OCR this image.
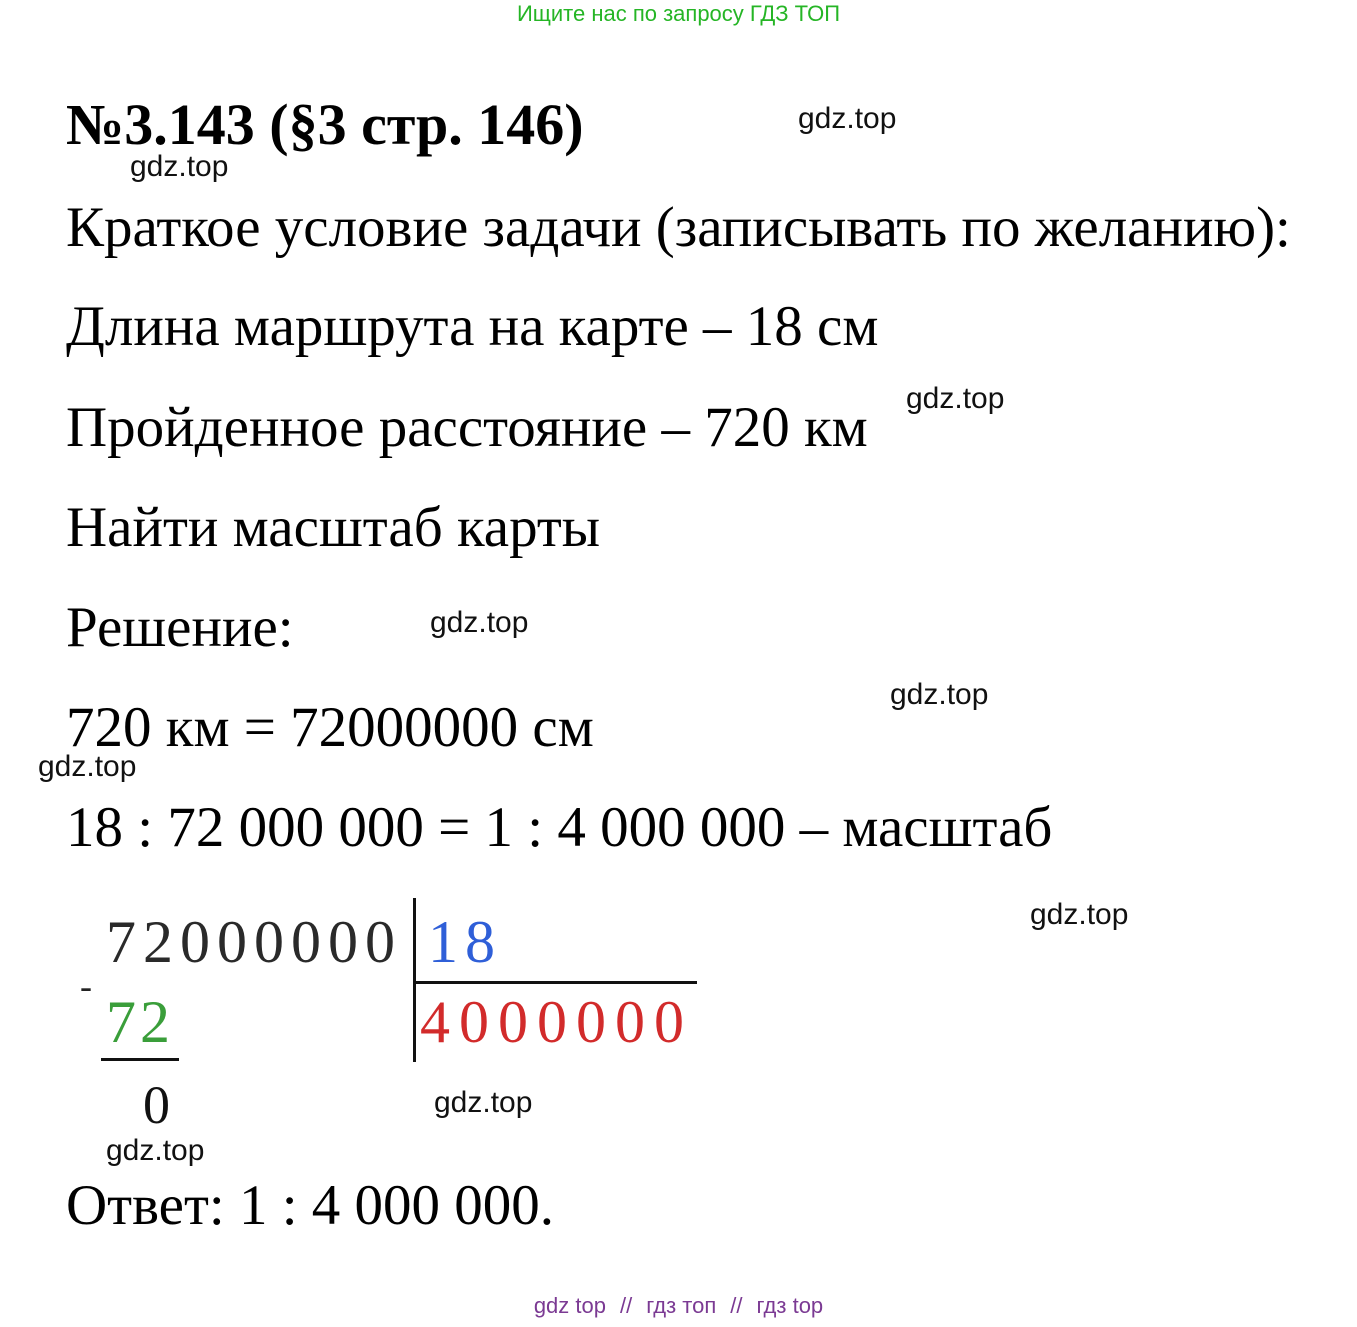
Ищите нас по запросу ГДЗ ТОП
№3.143 (§3 стр. 146)
Краткое условие задачи (записывать по желанию):
Длина маршрута на карте – 18 см
Пройденное расстояние – 720 км
Найти масштаб карты
Решение:
720 км = 72000000 см
18 : 72 000 000 = 1 : 4 000 000 – масштаб
72000000 18
4000000
-
72
0
Ответ: 1 : 4 000 000.
gdz.top
gdz.top
gdz.top
gdz.top
gdz.top
gdz.top
gdz.top
gdz.top
gdz.top
gdz top // гдз топ // гдз top
